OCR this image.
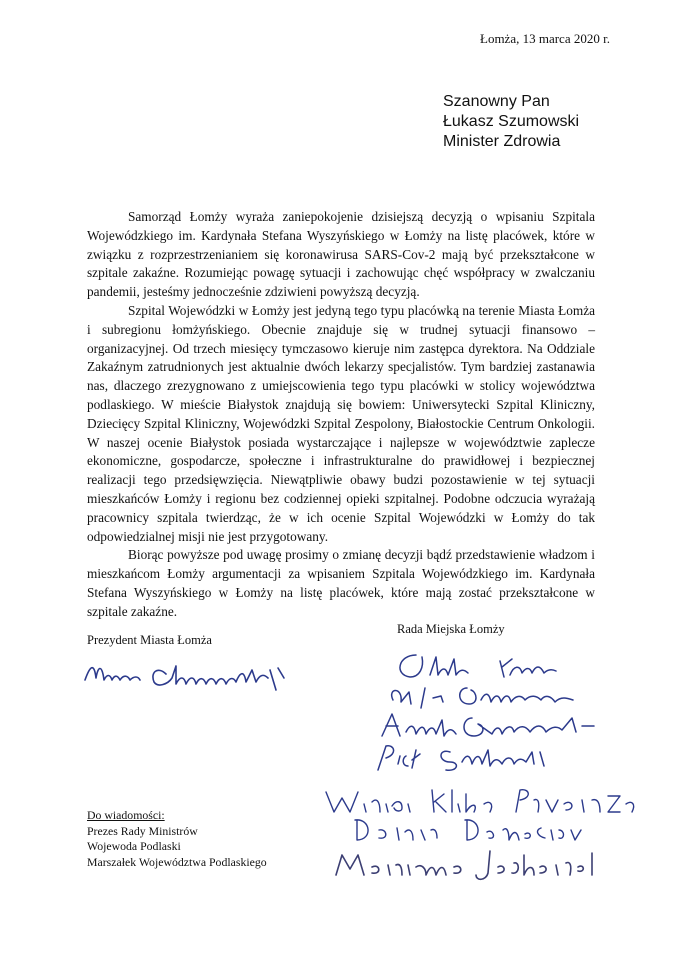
Łomża, 13 marca 2020 r.
Szanowny Pan
Łukasz Szumowski
Minister Zdrowia

Samorząd Łomży wyraża zaniepokojenie dzisiejszą decyzją o wpisaniu Szpitala Wojewódzkiego im. Kardynała Stefana Wyszyńskiego w Łomży na listę placówek, które w związku z rozprzestrzenianiem się koronawirusa SARS-Cov-2 mają być przekształcone w szpitale zakaźne. Rozumiejąc powagę sytuacji i zachowując chęć współpracy w zwalczaniu pandemii, jesteśmy jednocześnie zdziwieni powyższą decyzją.

Szpital Wojewódzki w Łomży jest jedyną tego typu placówką na terenie Miasta Łomża i subregionu łomżyńskiego. Obecnie znajduje się w trudnej sytuacji finansowo – organizacyjnej. Od trzech miesięcy tymczasowo kieruje nim zastępca dyrektora. Na Oddziale Zakaźnym zatrudnionych jest aktualnie dwóch lekarzy specjalistów. Tym bardziej zastanawia nas, dlaczego zrezygnowano z umiejscowienia tego typu placówki w stolicy województwa podlaskiego. W mieście Białystok znajdują się bowiem: Uniwersytecki Szpital Kliniczny, Dziecięcy Szpital Kliniczny, Wojewódzki Szpital Zespolony, Białostockie Centrum Onkologii. W naszej ocenie Białystok posiada wystarczające i najlepsze w województwie zaplecze ekonomiczne, gospodarcze, społeczne i infrastrukturalne do prawidłowej i bezpiecznej realizacji tego przedsięwzięcia. Niewątpliwie obawy budzi pozostawienie w tej sytuacji mieszkańców Łomży i regionu bez codziennej opieki szpitalnej. Podobne odczucia wyrażają pracownicy szpitala twierdząc, że w ich ocenie Szpital Wojewódzki w Łomży do tak odpowiedzialnej misji nie jest przygotowany.

Biorąc powyższe pod uwagę prosimy o zmianę decyzji bądź przedstawienie władzom i mieszkańcom Łomży argumentacji za wpisaniem Szpitala Wojewódzkiego im. Kardynała Stefana Wyszyńskiego w Łomży na listę placówek, które mają zostać przekształcone w szpitale zakaźne.

Prezydent Miasta Łomża
Rada Miejska Łomży
Do wiadomości:
Prezes Rady Ministrów
Wojewoda Podlaski
Marszałek Województwa Podlaskiego
